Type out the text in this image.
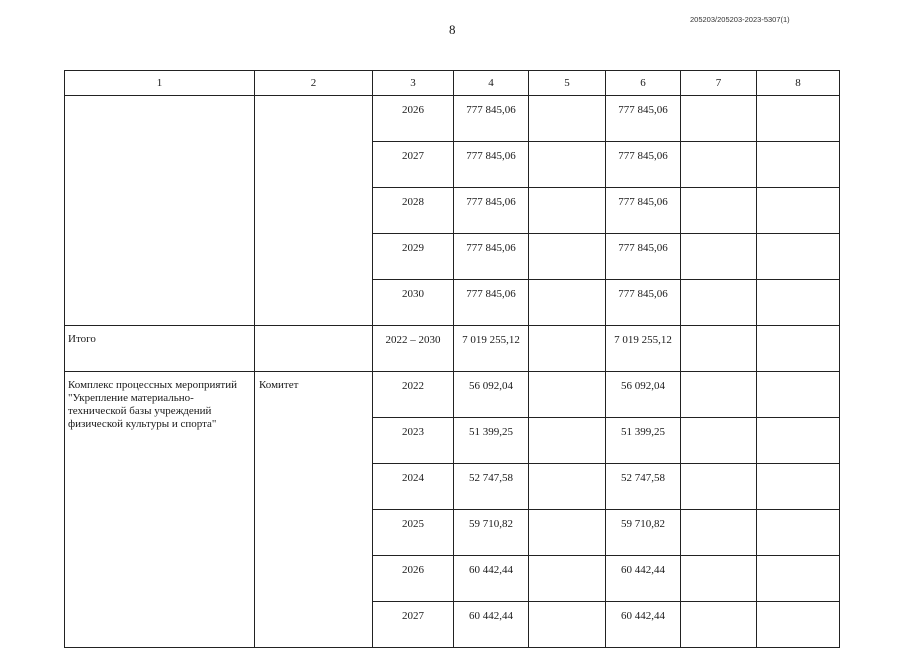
8
205203/205203-2023-5307(1)
1	2	3	4	5	6	7	8
		2026	777 845,06		777 845,06		
		2027	777 845,06		777 845,06		
		2028	777 845,06		777 845,06		
		2029	777 845,06		777 845,06		
		2030	777 845,06		777 845,06		
Итого		2022 – 2030	7 019 255,12		7 019 255,12		
Комплекс процессных мероприятий "Укрепление материально-технической базы учреждений физической культуры и спорта"	Комитет	2022	56 092,04		56 092,04		
		2023	51 399,25		51 399,25		
		2024	52 747,58		52 747,58		
		2025	59 710,82		59 710,82		
		2026	60 442,44		60 442,44		
		2027	60 442,44		60 442,44		
